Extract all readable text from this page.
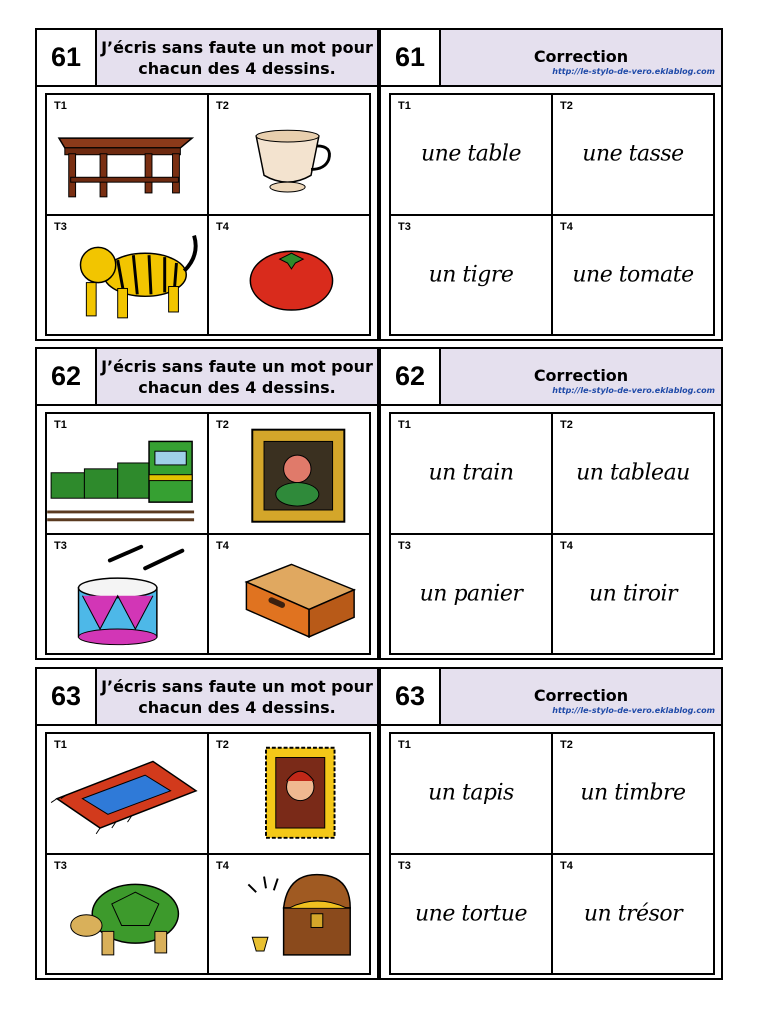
61	J’écris sans faute un mot pour
chacun des 4 dessins.
T1	T2
T3	T4
61	Correction
http://le-stylo-de-vero.eklablog.com
T1
une table
T2
une tasse
T3
un tigre
T4
une tomate
62	J’écris sans faute un mot pour
chacun des 4 dessins.
T1	T2
T3	T4
62	Correction
http://le-stylo-de-vero.eklablog.com
T1
un train
T2
un tableau
T3
un panier
T4
un tiroir
63	J’écris sans faute un mot pour
chacun des 4 dessins.
T1	T2
T3	T4
63	Correction
http://le-stylo-de-vero.eklablog.com
T1
un tapis
T2
un timbre
T3
une tortue
T4
un trésor
